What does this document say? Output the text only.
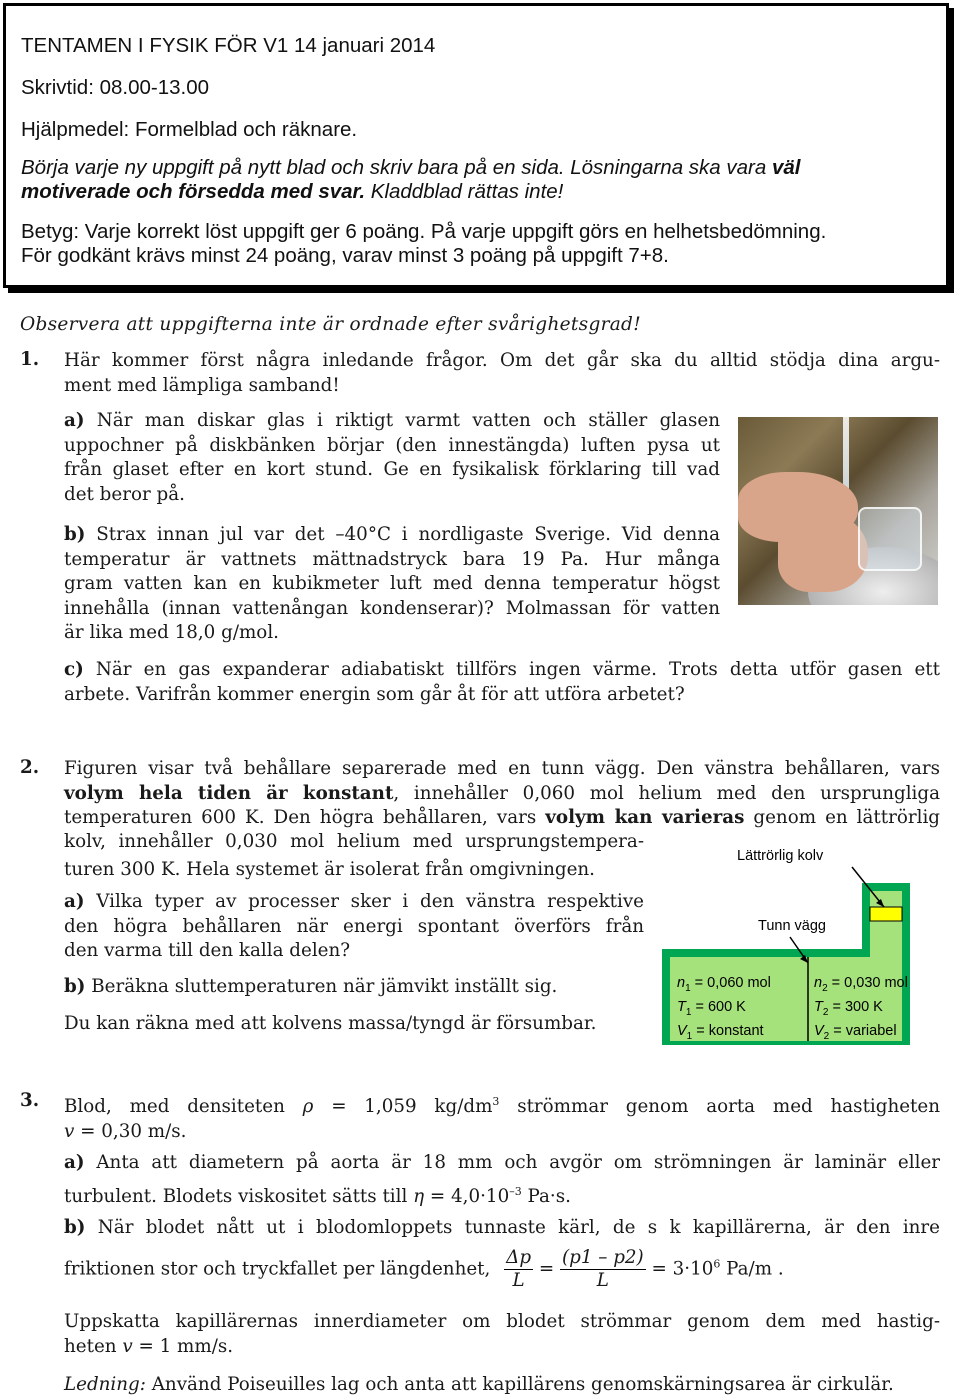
TENTAMEN I FYSIK FÖR V1 14 januari 2014
Skrivtid: 08.00-13.00
Hjälpmedel: Formelblad och räknare.
Börja varje ny uppgift på nytt blad och skriv bara på en sida. Lösningarna ska vara väl
motiverade och försedda med svar. Kladdblad rättas inte!
Betyg: Varje korrekt löst uppgift ger 6 poäng. På varje uppgift görs en helhetsbedömning.
För godkänt krävs minst 24 poäng, varav minst 3 poäng på uppgift 7+8.
Observera att uppgifterna inte är ordnade efter svårighetsgrad!
1. Här kommer först några inledande frågor. Om det går ska du alltid stödja dina argu-
ment med lämpliga samband!
a) När man diskar glas i riktigt varmt vatten och ställer glasen
uppochner på diskbänken börjar (den innestängda) luften pysa ut
från glaset efter en kort stund. Ge en fysikalisk förklaring till vad
det beror på.
b) Strax innan jul var det –40°C i nordligaste Sverige. Vid denna
temperatur är vattnets mättnadstryck bara 19 Pa. Hur många
gram vatten kan en kubikmeter luft med denna temperatur högst
innehålla (innan vattenångan kondenserar)? Molmassan för vatten
är lika med 18,0 g/mol.
c) När en gas expanderar adiabatiskt tillförs ingen värme. Trots detta utför gasen ett
arbete. Varifrån kommer energin som går åt för att utföra arbetet?
2. Figuren visar två behållare separerade med en tunn vägg. Den vänstra behållaren, vars
volym hela tiden är konstant, innehåller 0,060 mol helium med den ursprungliga
temperaturen 600 K. Den högra behållaren, vars volym kan varieras genom en lättrörlig
kolv, innehåller 0,030 mol helium med ursprungstempera-
turen 300 K. Hela systemet är isolerat från omgivningen.
a) Vilka typer av processer sker i den vänstra respektive
den högra behållaren när energi spontant överförs från
den varma till den kalla delen?
b) Beräkna sluttemperaturen när jämvikt inställt sig.
Du kan räkna med att kolvens massa/tyngd är försumbar.
Lättrörlig kolv
Tunn vägg
$n_1 = 0,060$ mol
$T_1 = 600$ K
$V_1$ = konstant
$n_2 = 0,030$ mol
$T_2 = 300$ K
$V_2$ = variabel
3. Blod, med densiteten ρ = 1,059 $kg/dm^3$ strömmar genom aorta med hastigheten
v = 0,30 m/s.
a) Anta att diametern på aorta är 18 mm och avgör om strömningen är laminär eller
turbulent. Blodets viskositet sätts till $\eta = 4,0\cdot 10^{-3}$ Pa·s.
b) När blodet nått ut i blodomloppets tunnaste kärl, de s k kapillärerna, är den inre
friktionen stor och tryckfallet per längdenhet, $\frac{\Delta p}{L} = \frac{(p1 - p2)}{L} = 3\cdot 10^6$ Pa/m .
Uppskatta kapillärernas innerdiameter om blodet strömmar genom dem med hastig-
heten v = 1 mm/s.
Ledning: Använd Poiseuilles lag och anta att kapillärens genomskärningsarea är cirkulär.
